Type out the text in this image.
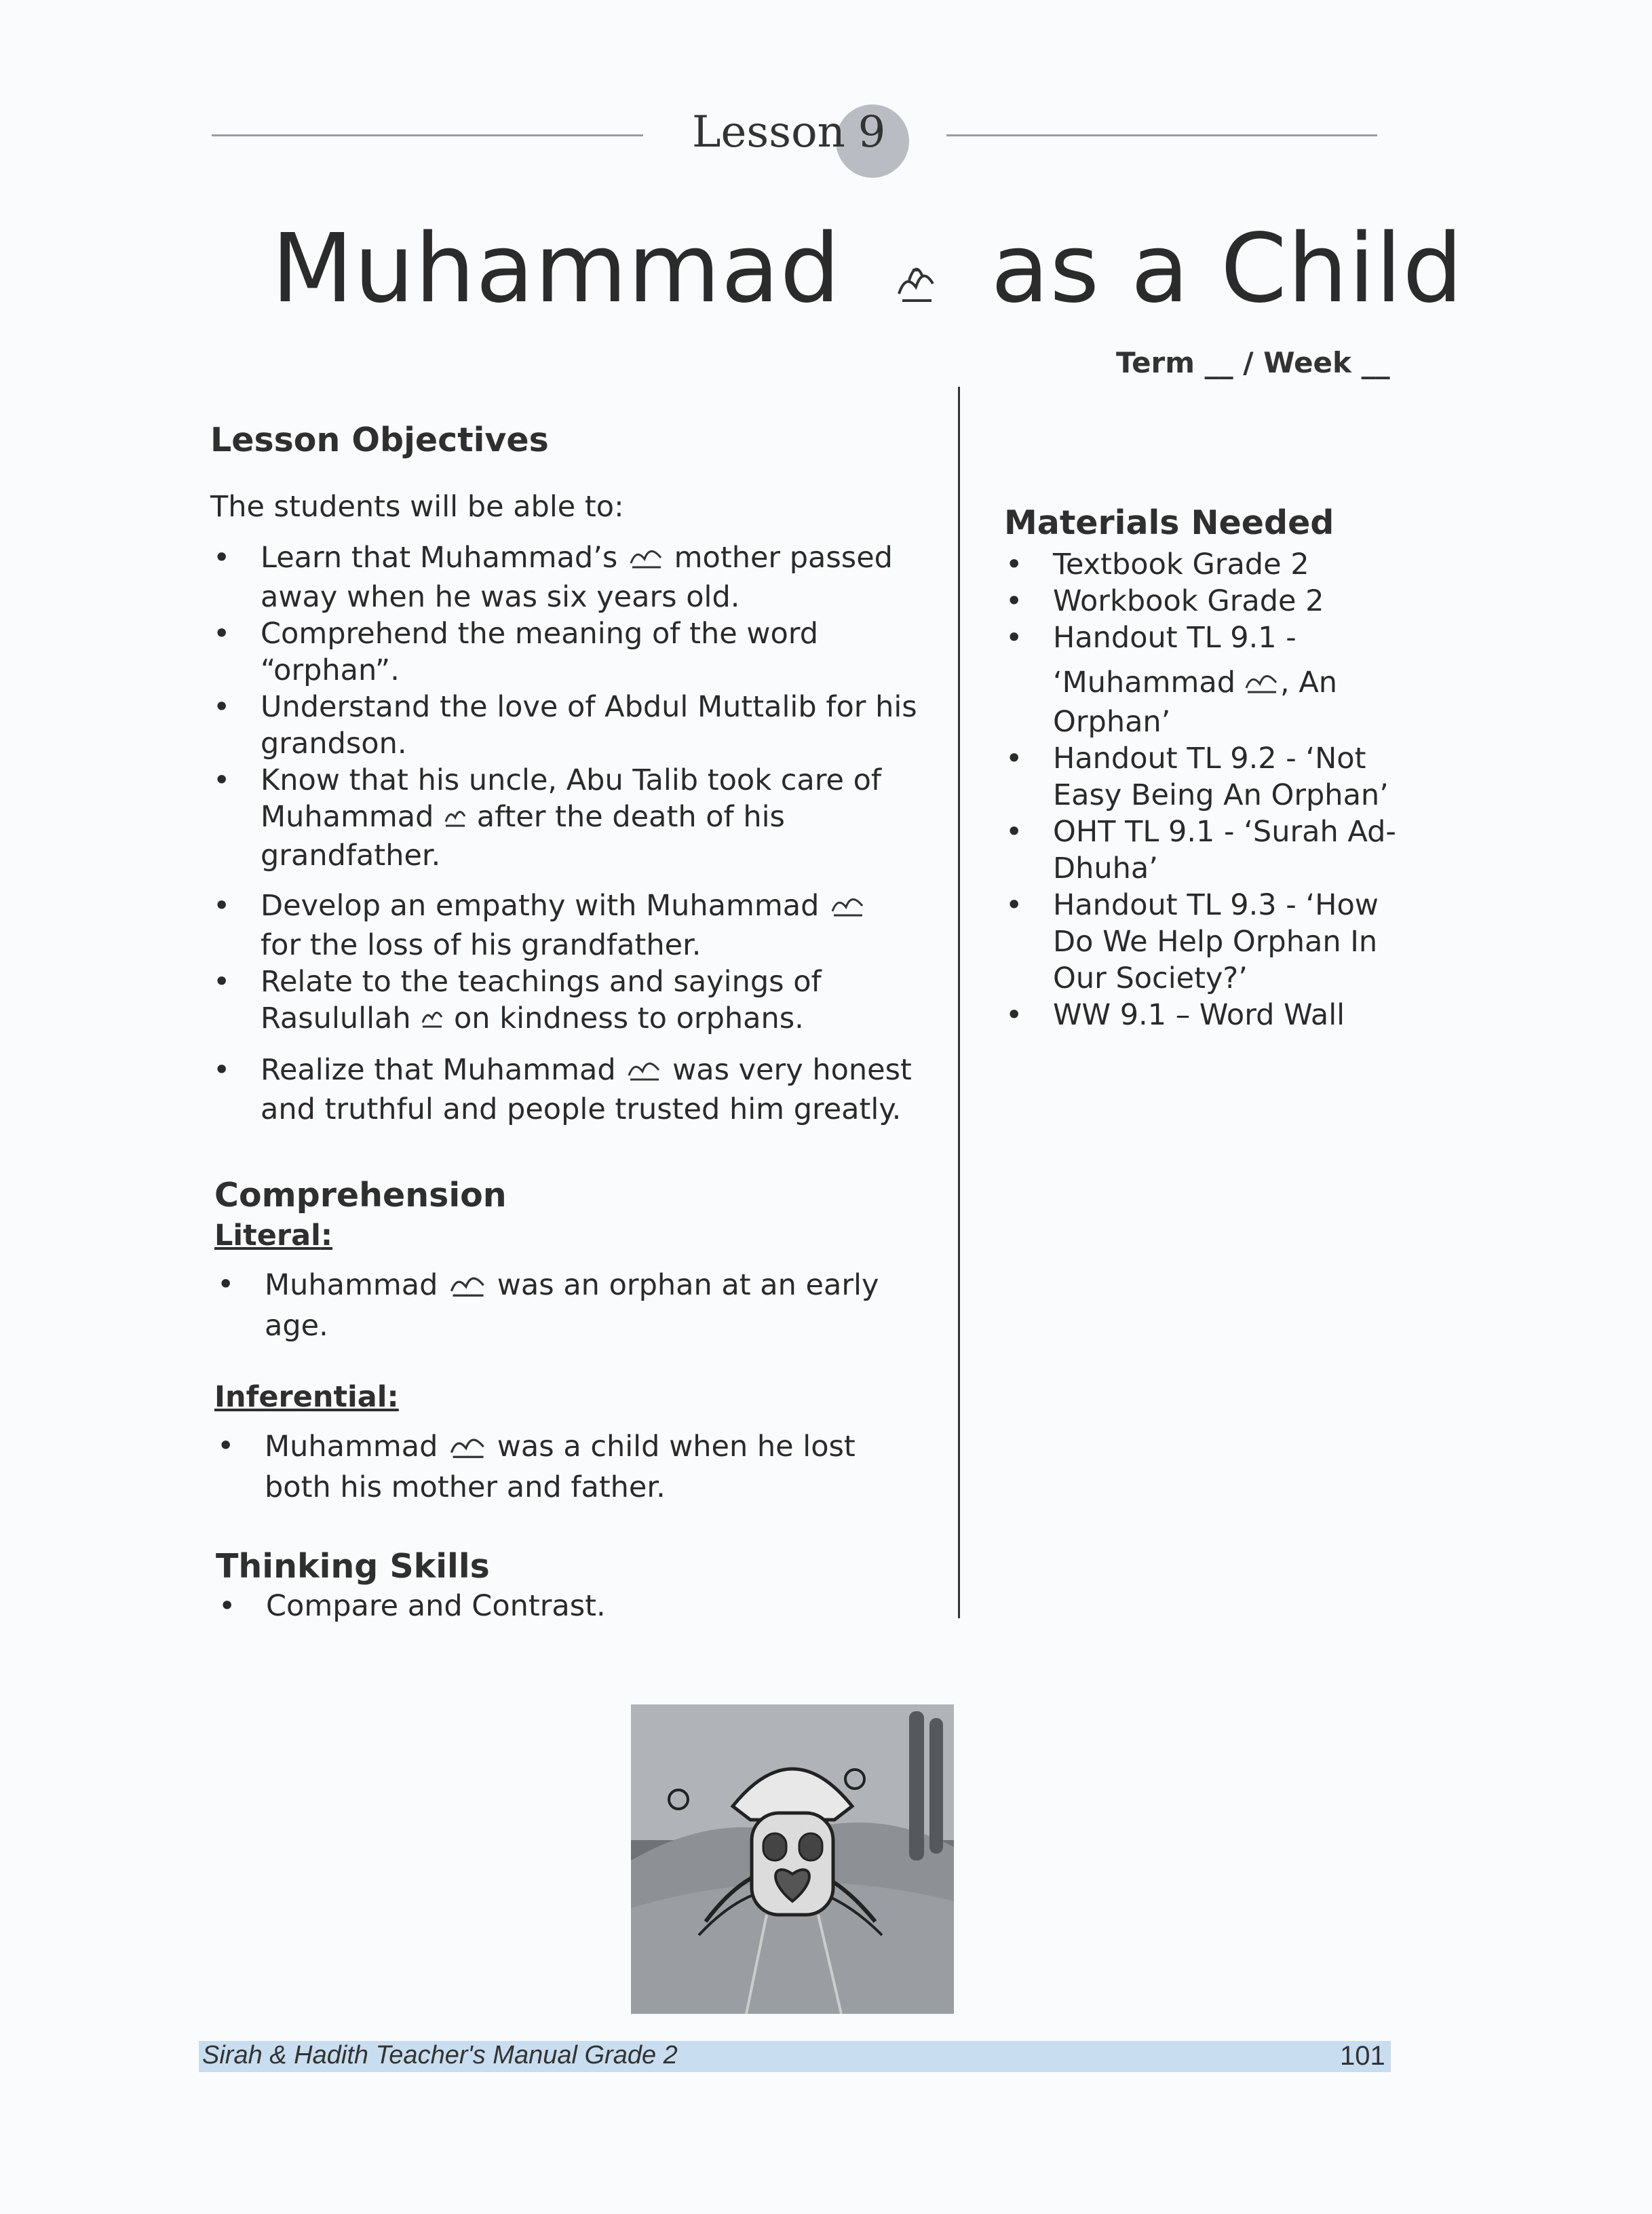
Lesson 9
Muhammad as a Child
Term __ / Week __
Lesson Objectives
The students will be able to:
• Learn that Muhammad’s mother passed
away when he was six years old.
• Comprehend the meaning of the word
“orphan”.
• Understand the love of Abdul Muttalib for his
grandson.
• Know that his uncle, Abu Talib took care of
Muhammad after the death of his
grandfather.
• Develop an empathy with Muhammad
for the loss of his grandfather.
• Relate to the teachings and sayings of
Rasulullah on kindness to orphans.
• Realize that Muhammad was very honest
and truthful and people trusted him greatly.
Comprehension
Literal:
• Muhammad was an orphan at an early
age.
Inferential:
• Muhammad was a child when he lost
both his mother and father.
Thinking Skills
• Compare and Contrast.
Materials Needed
• Textbook Grade 2
• Workbook Grade 2
• Handout TL 9.1 -
‘Muhammad , An
Orphan’
• Handout TL 9.2 - ‘Not
Easy Being An Orphan’
• OHT TL 9.1 - ‘Surah Ad-
Dhuha’
• Handout TL 9.3 - ‘How
Do We Help Orphan In
Our Society?’
• WW 9.1 – Word Wall
Sirah & Hadith Teacher's Manual Grade 2	101
